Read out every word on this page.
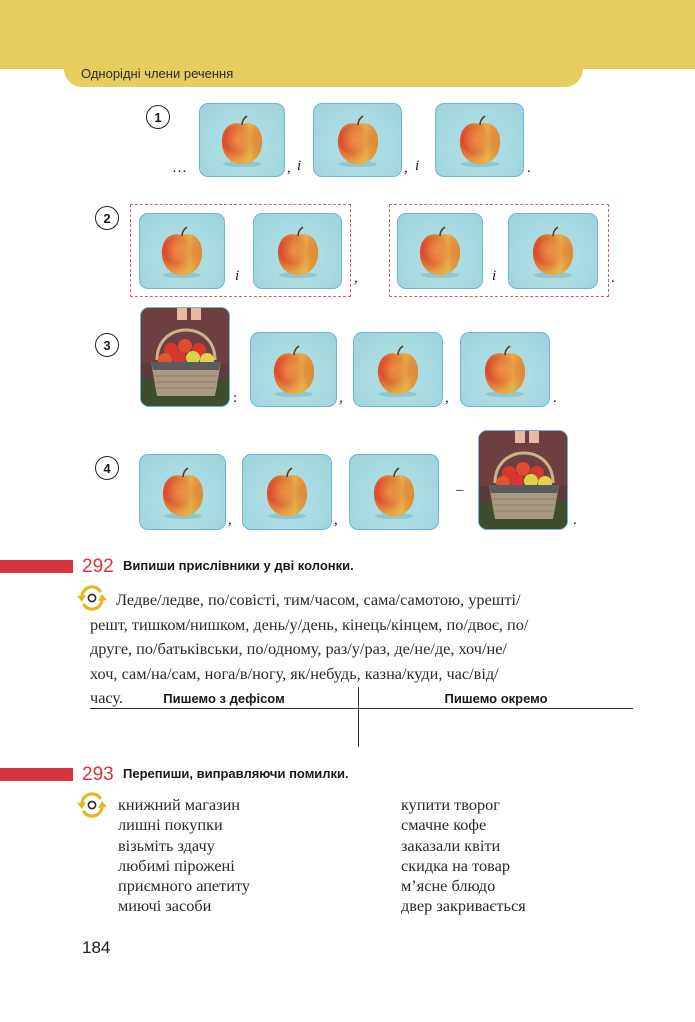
Однорідні члени речення
1
…	, і	, і	.
2
і	,	і	.
3
:	,	,	.
4
,	,
–
.
292 Випиши прислівники у дві колонки.
Ледве/ледве, по/совісті, тим/часом, сама/самотою, урешті/
решт, тишком/нишком, день/у/день, кінець/кінцем, по/двоє, по/
друге, по/батьківськи, по/одному, раз/у/раз, де/не/де, хоч/не/
хоч, сам/на/сам, нога/в/ногу, як/небудь, казна/куди, час/від/
часу.	Пишемо з дефісом	Пишемо окремо
293 Перепиши, виправляючи помилки.
книжний магазин
лишні покупки
візьміть здачу
любимі пірожені
приємного апетиту
миючі засоби
купити творог
смачне кофе
заказали квіти
скидка на товар
м’ясне блюдо
двер закривається
184
